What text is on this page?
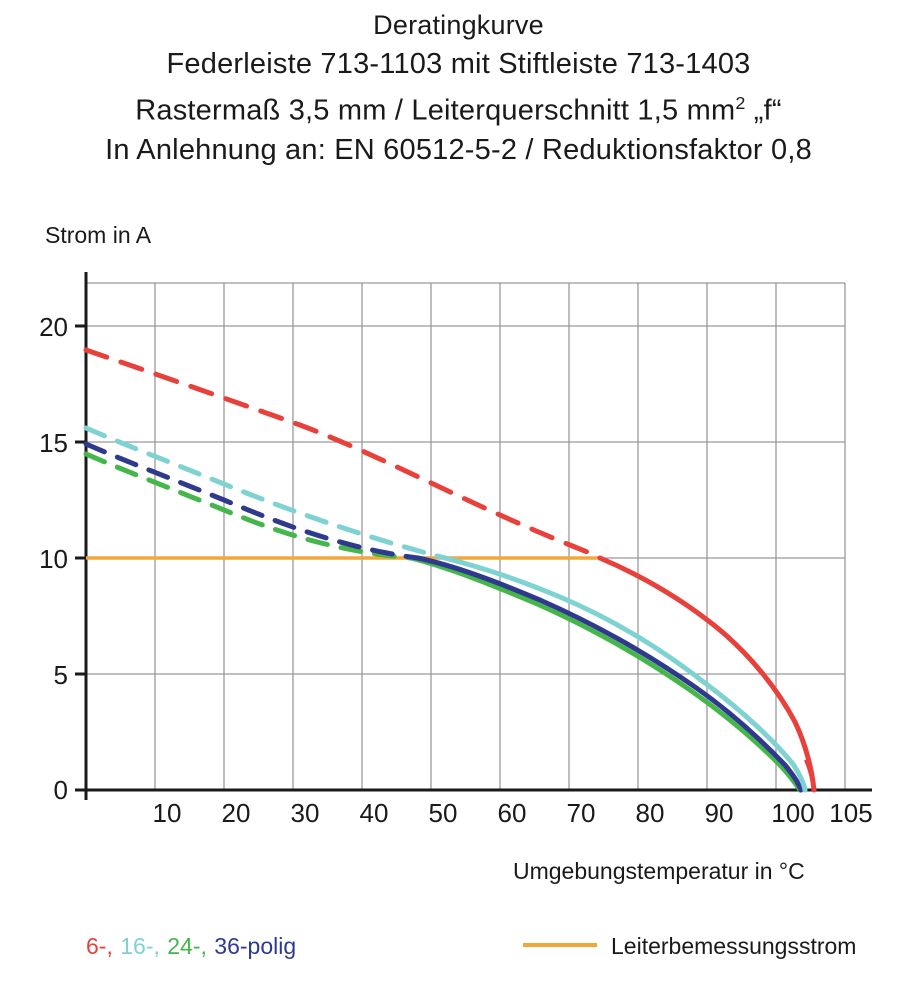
Deratingkurve
Federleiste 713-1103 mit Stiftleiste 713-1403
Rastermaß 3,5 mm / Leiterquerschnitt 1,5 $mm^2$ „f“
In Anlehnung an: EN 60512-5-2 / Reduktionsfaktor 0,8
Strom in A
0
5
10
15
20
10 20 30 40 50 60 70 80 90 100 105
Umgebungstemperatur in °C
6-, 16-, 24-, 36-polig	Leiterbemessungsstrom
